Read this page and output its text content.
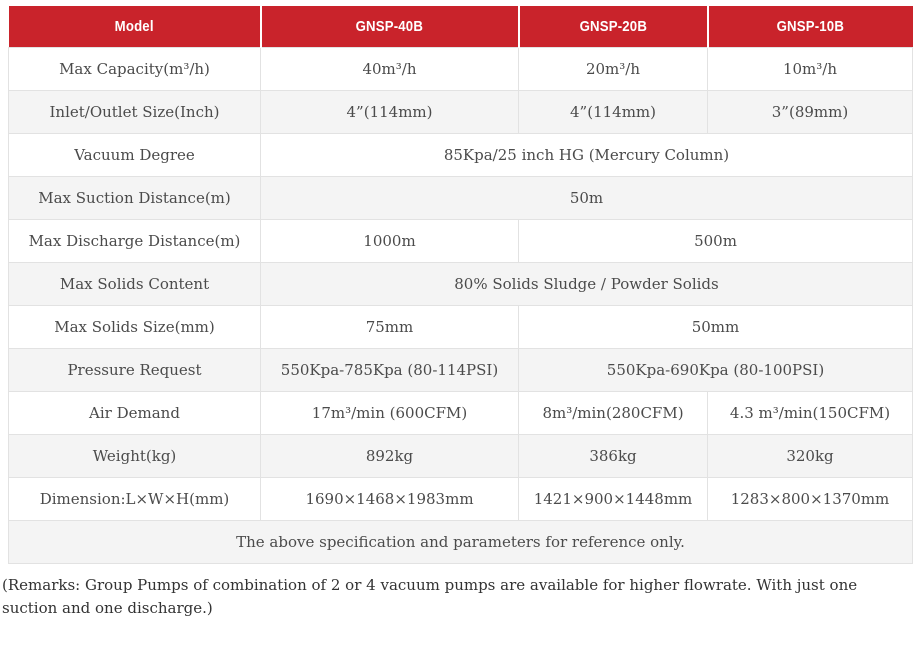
Model	GNSP-40B	GNSP-20B	GNSP-10B
Max Capacity(m³/h)	40m³/h	20m³/h	10m³/h
Inlet/Outlet Size(Inch)	4”(114mm)	4”(114mm)	3”(89mm)
Vacuum Degree	85Kpa/25 inch HG (Mercury Column)		
Max Suction Distance(m)	50m		
Max Discharge Distance(m)	1000m	500m	
Max Solids Content	80% Solids Sludge / Powder Solids		
Max Solids Size(mm)	75mm	50mm	
Pressure Request	550Kpa-785Kpa (80-114PSI)	550Kpa-690Kpa (80-100PSI)	
Air Demand	17m³/min (600CFM)	8m³/min(280CFM)	4.3 m³/min(150CFM)
Weight(kg)	892kg	386kg	320kg
Dimension:L×W×H(mm)	1690×1468×1983mm	1421×900×1448mm	1283×800×1370mm
The above specification and parameters for reference only.			

(Remarks: Group Pumps of combination of 2 or 4 vacuum pumps are available for higher flowrate. With just one suction and one discharge.)
